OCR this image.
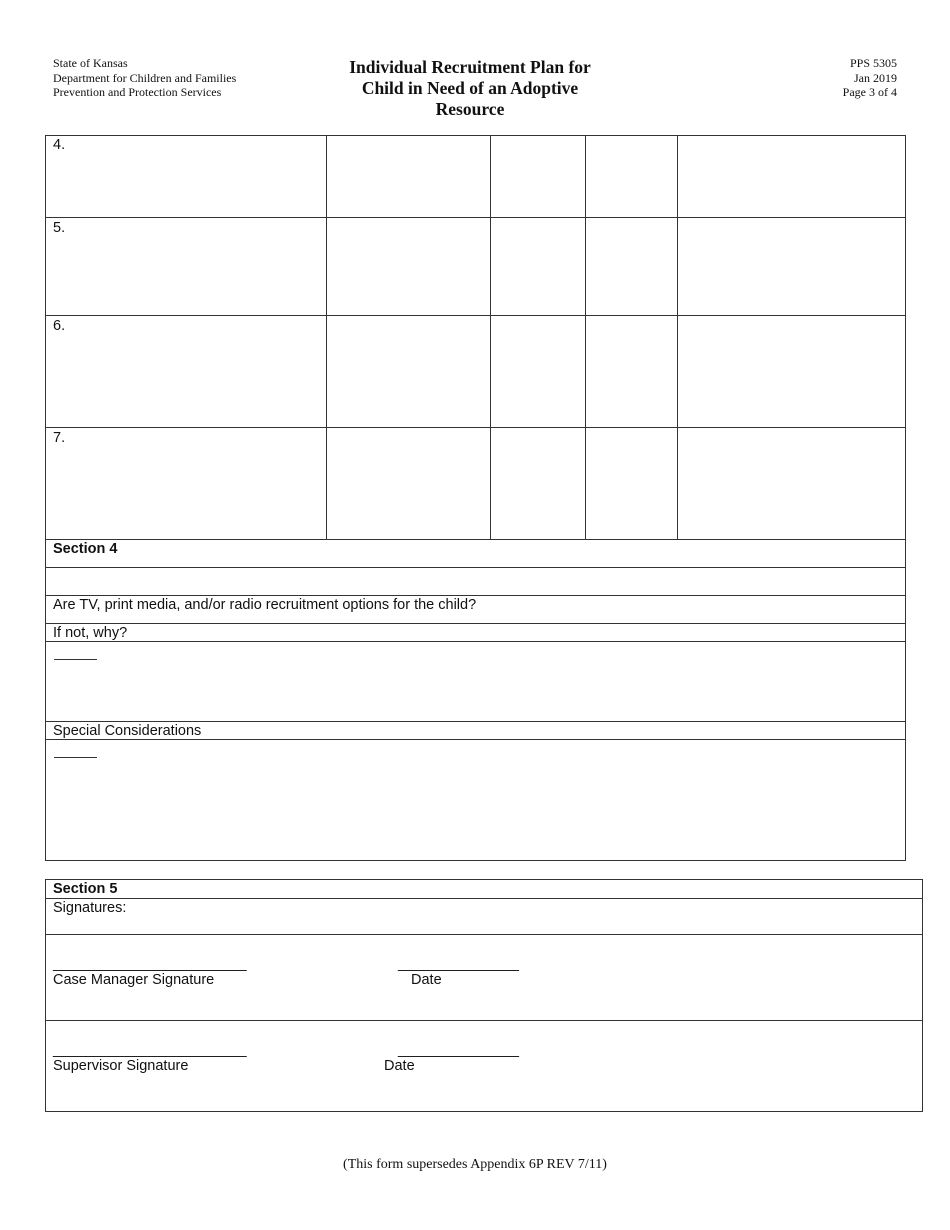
State of Kansas
Department for Children and Families
Prevention and Protection Services
Individual Recruitment Plan for
Child in Need of an Adoptive
Resource
PPS 5305
Jan 2019
Page 3 of 4
4.
5.
6.
7.
Section 4
Are TV, print media, and/or radio recruitment options for the child?
If not, why?
Special Considerations
Section 5
Signatures:
________________________	_______________
Case Manager Signature	Date
________________________	_______________
Supervisor Signature	Date
(This form supersedes Appendix 6P REV 7/11)
